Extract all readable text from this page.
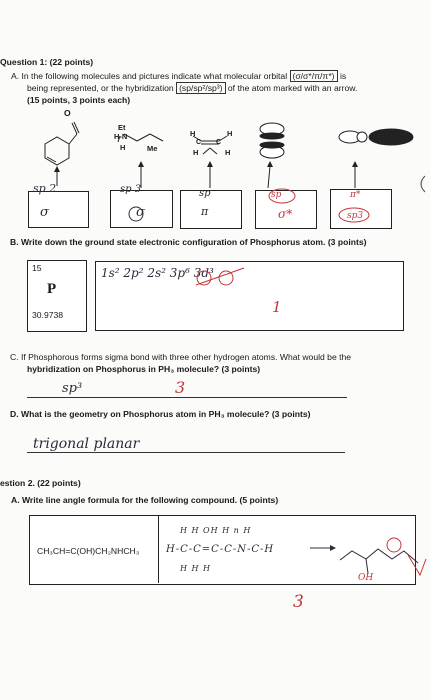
Question 1: (22 points)
A. In the following molecules and pictures indicate what molecular orbital (σ/σ*/π/π*) is
being represented, or the hybridization (sp/sp²/sp³) of the atom marked with an arrow.
(15 points, 3 points each)
O
Et
H-N
H	Me
H	H
C C
H	H
sp 2
σ
sp 3
σ
sp
π
sp
σ*
π*
sp3
B. Write down the ground state electronic configuration of Phosphorus atom. (3 points)
15
P
30.9738
1s² 2p² 2s² 3p⁶ 3d³
1
C. If Phosphorous forms sigma bond with three other hydrogen atoms. What would be the
hybridization on Phosphorus in PH₃ molecule? (3 points)
sp³	3
D. What is the geometry on Phosphorus atom in PH₃ molecule? (3 points)
trigonal planar
estion 2. (22 points)
A. Write line angle formula for the following compound. (5 points)
CH₃CH=C(OH)CH₂NHCH₃
H H OH H n H
H-C-C=C-C-N-C-H
H H H
OH
3
